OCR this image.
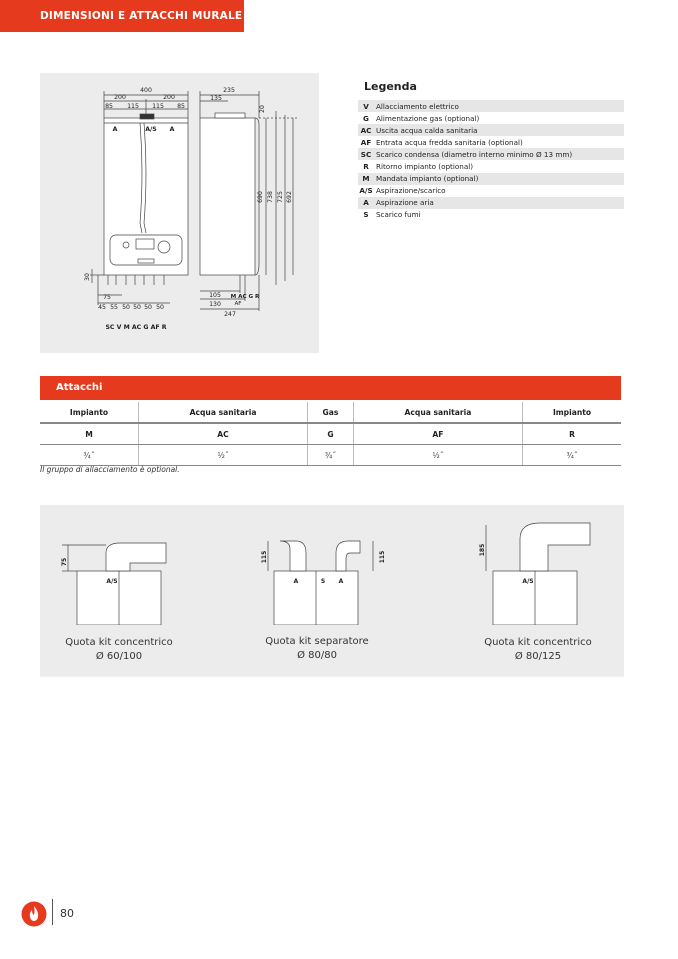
DIMENSIONI E ATTACCHI MURALE
400
200	200
85 115 115 85
235
135
A	A/S A
SC V M AC G AF R
M AC G R
AF
105
130
247
75
45 55 50 50 50 50
20
690 738 725 692
30
Legenda
V	Allacciamento elettrico
G Alimentazione gas (optional)
AC Uscita acqua calda sanitaria
AF Entrata acqua fredda sanitaria (optional)
SC Scarico condensa (diametro interno minimo Ø 13 mm)
R	Ritorno impianto (optional)
M Mandata impianto (optional)
A/S Aspirazione/scarico
A	Aspirazione aria
S	Scarico fumi
Attacchi
Impianto	Acqua sanitaria	Gas	Acqua sanitaria	Impianto
M	AC	G	AF	R
¾˝	½˝	¾˝	½˝	¾˝
Il gruppo di allacciamento è optional.
A/S	A	S A	A/S
75	115	115
185
Quota kit concentrico
Ø 60/100
Quota kit separatore
Ø 80/80
Quota kit concentrico
Ø 80/125
80
